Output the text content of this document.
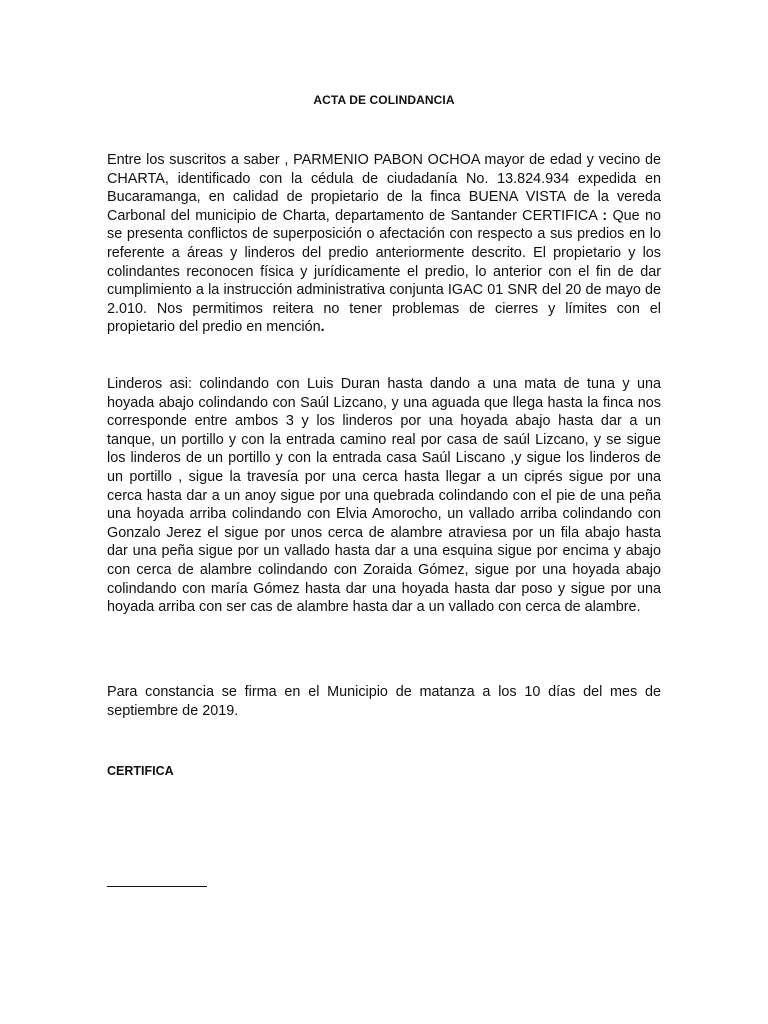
ACTA DE COLINDANCIA
Entre los suscritos a saber , PARMENIO PABON OCHOA mayor de edad y vecino de CHARTA, identificado con la cédula de ciudadanía No. 13.824.934 expedida en Bucaramanga, en calidad de propietario de la finca BUENA VISTA de la vereda Carbonal del municipio de Charta, departamento de Santander CERTIFICA : Que no se presenta conflictos de superposición o afectación con respecto a sus predios en lo referente a áreas y linderos del predio anteriormente descrito. El propietario y los colindantes reconocen física y jurídicamente el predio, lo anterior con el fin de dar cumplimiento a la instrucción administrativa conjunta IGAC 01 SNR del 20 de mayo de 2.010. Nos permitimos reitera no tener problemas de cierres y límites con el propietario del predio en mención.
Linderos asi: colindando con Luis Duran hasta dando a una mata de tuna y una hoyada abajo colindando con Saúl Lizcano, y una aguada que llega hasta la finca nos corresponde entre ambos 3 y los linderos por una hoyada abajo hasta dar a un tanque, un portillo y con la entrada camino real por casa de saúl Lizcano, y se sigue los linderos de un portillo y con la entrada casa Saúl Liscano ,y sigue los linderos de un portillo , sigue la travesía por una cerca hasta llegar a un ciprés sigue por una cerca hasta dar a un anoy sigue por una quebrada colindando con el pie de una peña una hoyada arriba colindando con Elvia Amorocho, un vallado arriba colindando con Gonzalo Jerez el sigue por unos cerca de alambre atraviesa por un fila abajo hasta dar una peña sigue por un vallado hasta dar a una esquina sigue por encima y abajo con cerca de alambre colindando con Zoraida Gómez, sigue por una hoyada abajo colindando con maría Gómez hasta dar una hoyada hasta dar poso y sigue por una hoyada arriba con ser cas de alambre hasta dar a un vallado con cerca de alambre.
Para constancia se firma en el Municipio de matanza a los 10 días del mes de septiembre de 2019.
CERTIFICA
